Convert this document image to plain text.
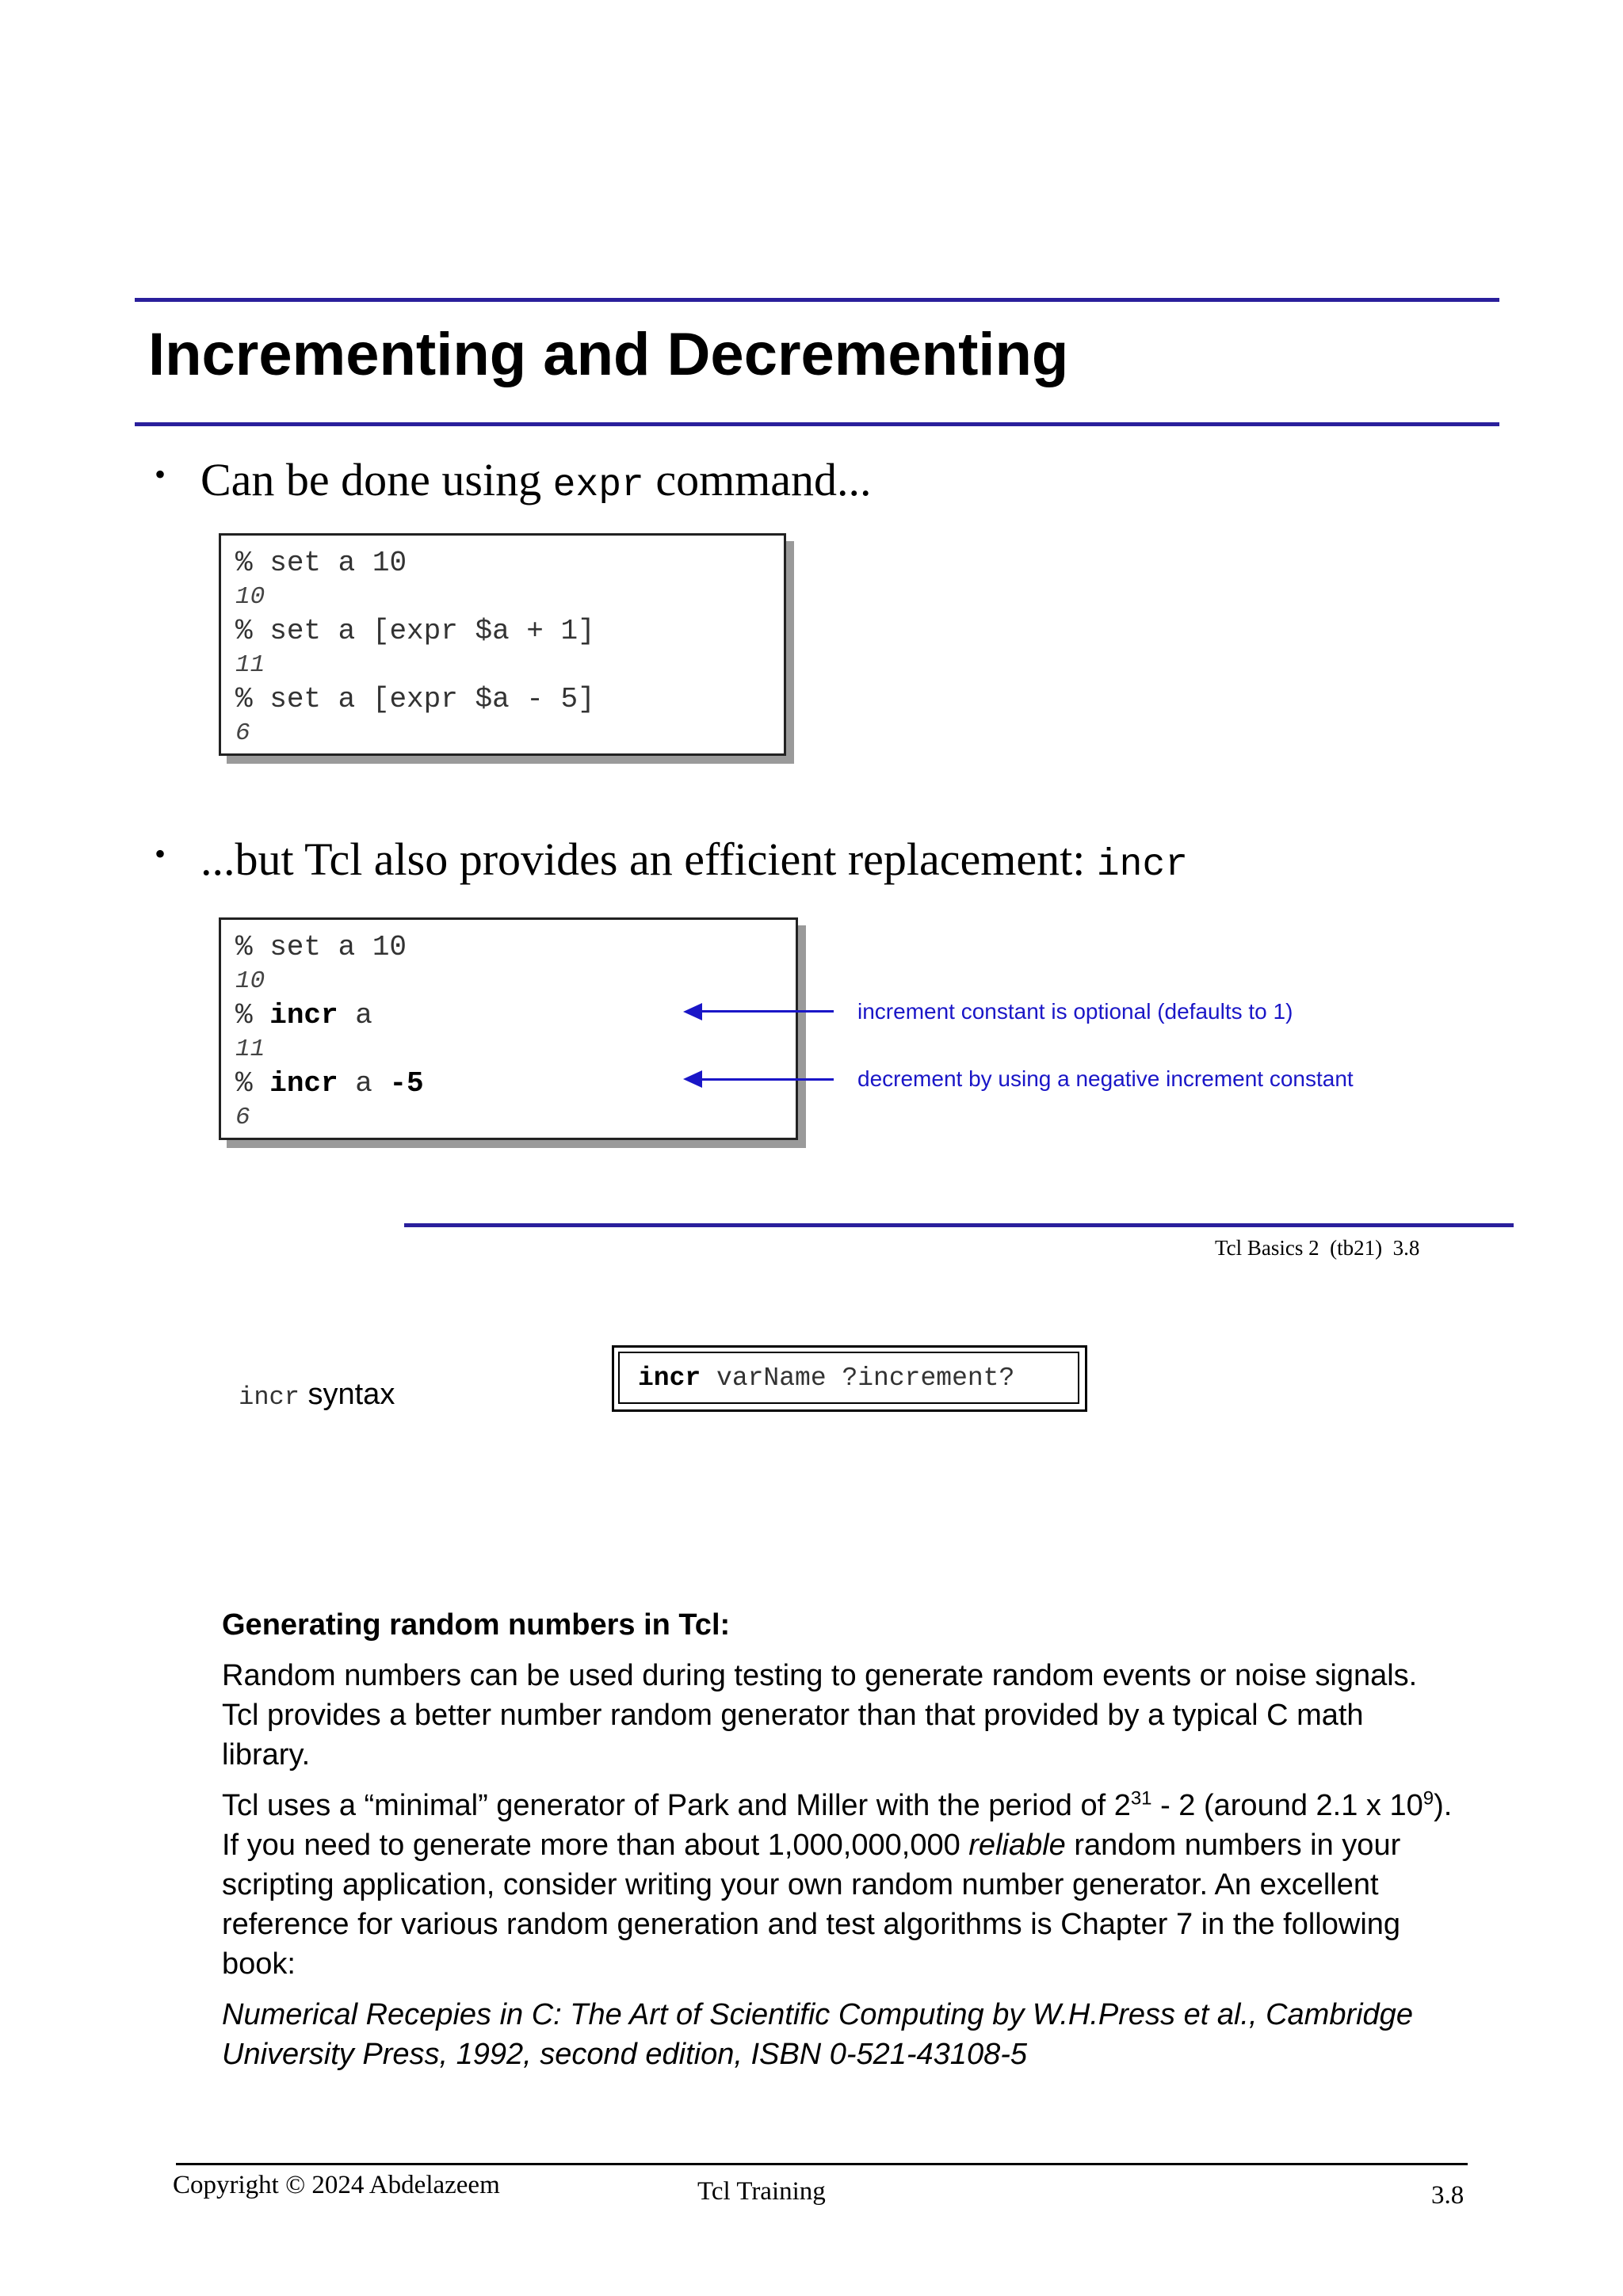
Incrementing and Decrementing
• Can be done using expr command...
% set a 10
10
% set a [expr $a + 1]
11
% set a [expr $a - 5]
6
• ...but Tcl also provides an efficient replacement: incr
% set a 10
10
% incr a
11
% incr a -5
6
increment constant is optional (defaults to 1)
decrement by using a negative increment constant
Tcl Basics 2  (tb21)  3.8

incr syntax	incr varName ?increment?
Generating random numbers in Tcl:
Random numbers can be used during testing to generate random events or noise signals. Tcl provides a better number random generator than that provided by a typical C math library.
Tcl uses a “minimal” generator of Park and Miller with the period of $2^{31} - 2$ (around 2.1 x $10^9$). If you need to generate more than about 1,000,000,000 reliable random numbers in your scripting application, consider writing your own random number generator. An excellent reference for various random generation and test algorithms is Chapter 7 in the following book:
Numerical Recepies in C: The Art of Scientific Computing by W.H.Press et al., Cambridge University Press, 1992, second edition, ISBN 0-521-43108-5
Copyright © 2024 Abdelazeem	Tcl Training	3.8
